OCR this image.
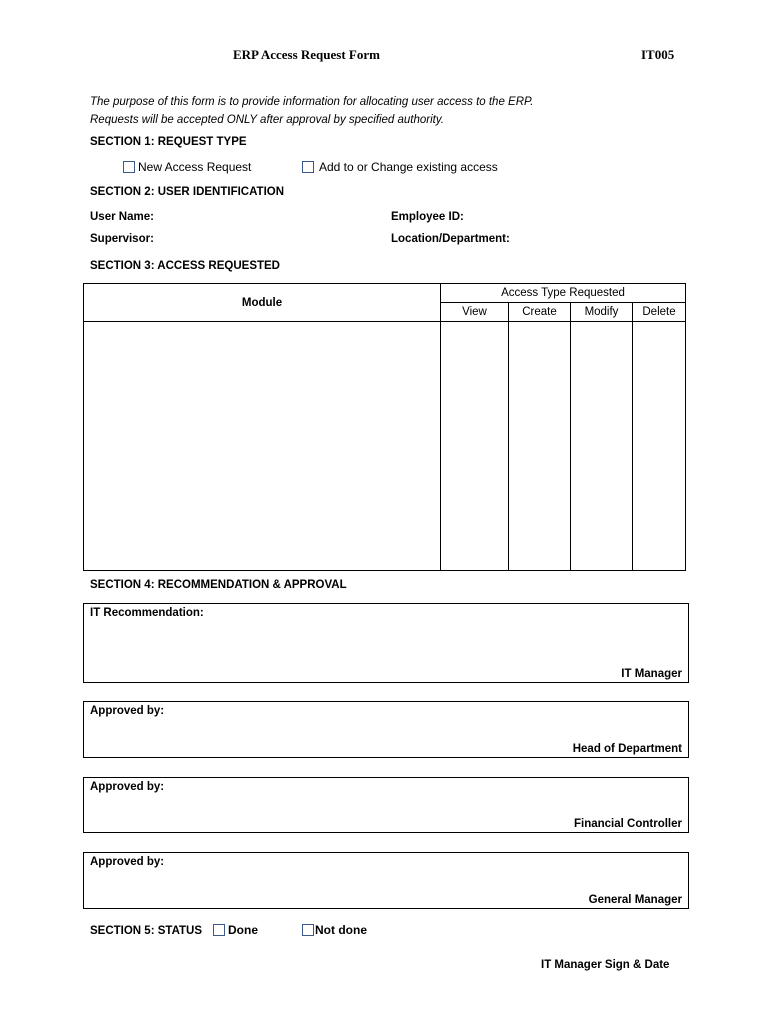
ERP Access Request Form	IT005
The purpose of this form is to provide information for allocating user access to the ERP.
Requests will be accepted ONLY after approval by specified authority.
SECTION 1: REQUEST TYPE
New Access Request	Add to or Change existing access
SECTION 2: USER IDENTIFICATION
User Name:	Employee ID:
Supervisor:	Location/Department:
SECTION 3: ACCESS REQUESTED
Module	Access Type Requested			
	View	Create	Modify	Delete

SECTION 4: RECOMMENDATION & APPROVAL
IT Recommendation:
IT Manager
Approved by:
Head of Department
Approved by:
Financial Controller
Approved by:
General Manager
SECTION 5: STATUS Done	Not done
IT Manager Sign & Date
